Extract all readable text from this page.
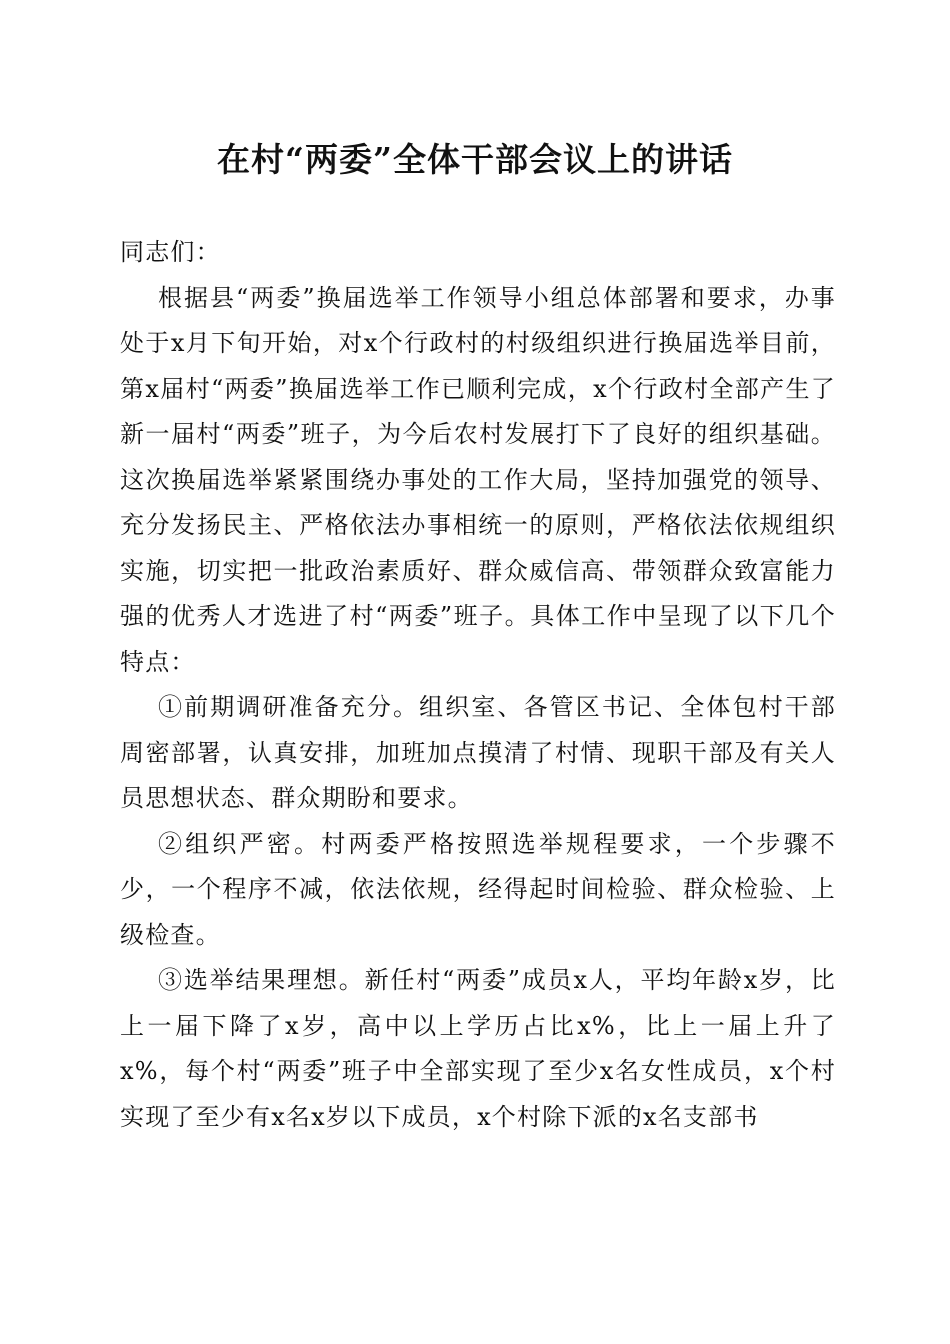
在村“两委”全体干部会议上的讲话

同志们：

根据县“两委”换届选举工作领导小组总体部署和要求，办事处于x月下旬开始，对x个行政村的村级组织进行换届选举目前，第x届村“两委”换届选举工作已顺利完成，x个行政村全部产生了新一届村“两委”班子，为今后农村发展打下了良好的组织基础。这次换届选举紧紧围绕办事处的工作大局，坚持加强党的领导、充分发扬民主、严格依法办事相统一的原则，严格依法依规组织实施，切实把一批政治素质好、群众威信高、带领群众致富能力强的优秀人才选进了村“两委”班子。具体工作中呈现了以下几个特点：

①前期调研准备充分。组织室、各管区书记、全体包村干部周密部署，认真安排，加班加点摸清了村情、现职干部及有关人员思想状态、群众期盼和要求。

②组织严密。村两委严格按照选举规程要求，一个步骤不少，一个程序不减，依法依规，经得起时间检验、群众检验、上级检查。

③选举结果理想。新任村“两委”成员x人，平均年龄x岁，比上一届下降了x岁，高中以上学历占比x%，比上一届上升了x%，每个村“两委”班子中全部实现了至少x名女性成员，x个村实现了至少有x名x岁以下成员，x个村除下派的x名支部书
